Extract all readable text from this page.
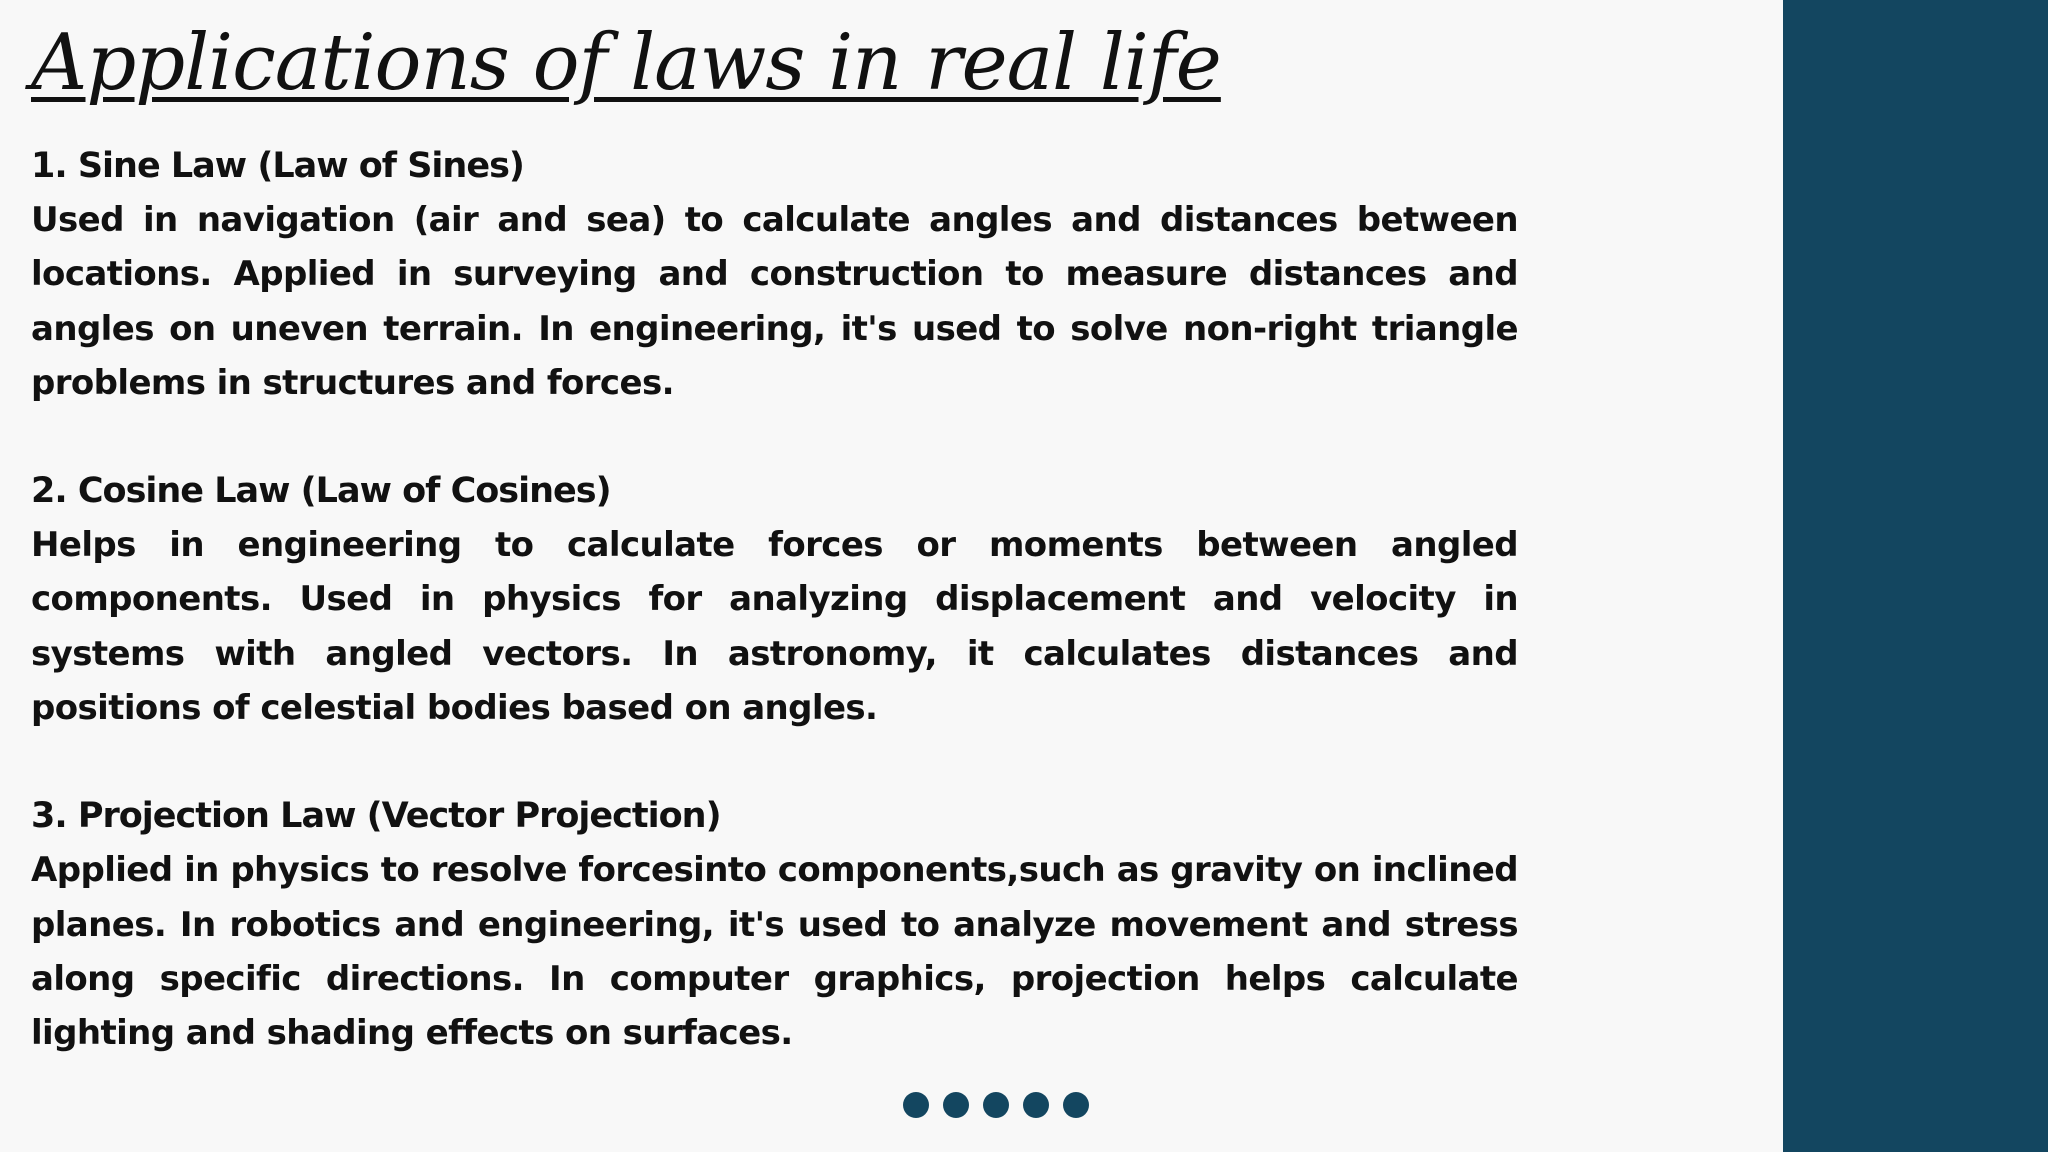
Applications of laws in real life

1. Sine Law (Law of Sines)

Used in navigation (air and sea) to calculate angles and distances between locations. Applied in surveying and construction to measure distances and angles on uneven terrain. In engineering, it's used to solve non-right triangle problems in structures and forces.

2. Cosine Law (Law of Cosines)

Helps in engineering to calculate forces or moments between angled components. Used in physics for analyzing displacement and velocity in systems with angled vectors. In astronomy, it calculates distances and positions of celestial bodies based on angles.

3. Projection Law (Vector Projection)

Applied in physics to resolve forcesinto components,such as gravity on inclined planes. In robotics and engineering, it's used to analyze movement and stress along specific directions. In computer graphics, projection helps calculate lighting and shading effects on surfaces.
